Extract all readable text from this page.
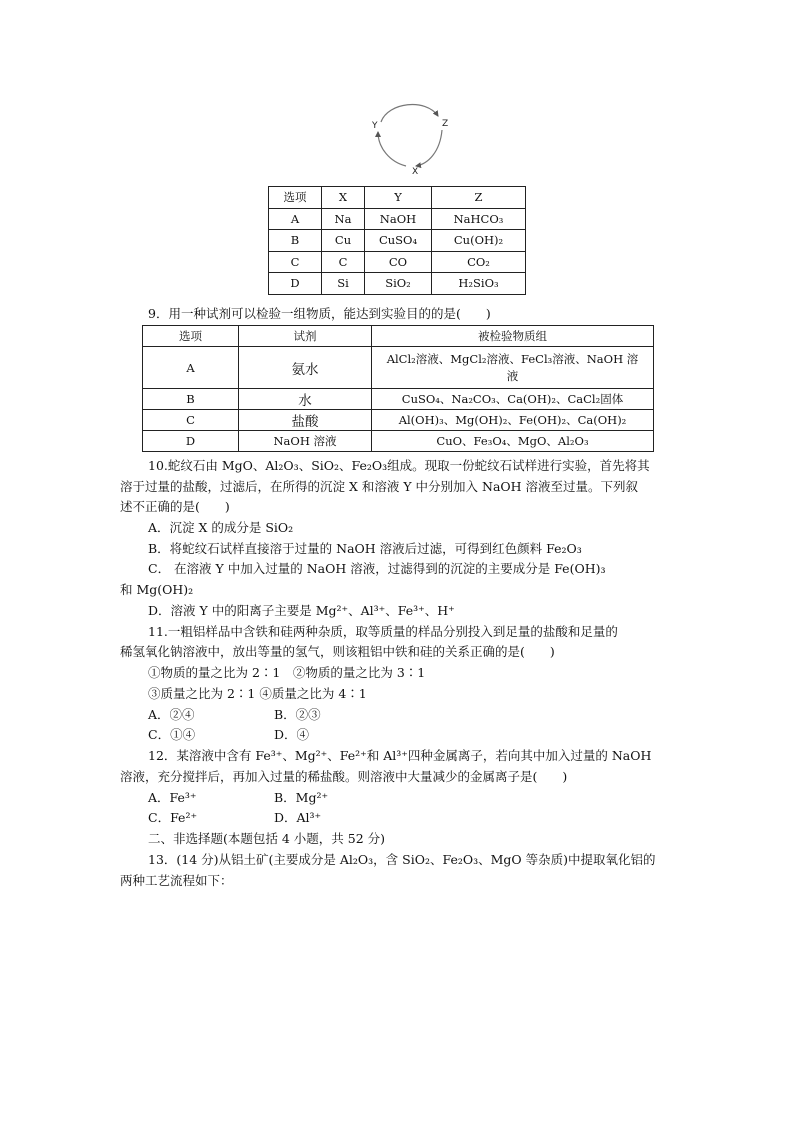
Y	Z
X
选项	X	Y	Z
A	Na	NaOH	NaHCO₃
B	Cu	CuSO₄	Cu(OH)₂
C	C	CO	CO₂
D	Si	SiO₂	H₂SiO₃
9．用一种试剂可以检验一组物质，能达到实验目的的是(　　)
选项	试剂	被检验物质组
A	氨水	AlCl₂溶液、MgCl₂溶液、FeCl₃溶液、NaOH 溶液
B	水	CuSO₄、Na₂CO₃、Ca(OH)₂、CaCl₂固体
C	盐酸	Al(OH)₃、Mg(OH)₂、Fe(OH)₂、Ca(OH)₂
D	NaOH 溶液	CuO、Fe₃O₄、MgO、Al₂O₃
10.蛇纹石由 MgO、Al₂O₃、SiO₂、Fe₂O₃组成。现取一份蛇纹石试样进行实验，首先将其
溶于过量的盐酸，过滤后，在所得的沉淀 X 和溶液 Y 中分别加入 NaOH 溶液至过量。下列叙
述不正确的是(　　)
A．沉淀 X 的成分是 SiO₂
B．将蛇纹石试样直接溶于过量的 NaOH 溶液后过滤，可得到红色颜料 Fe₂O₃
C． 在溶液 Y 中加入过量的 NaOH 溶液，过滤得到的沉淀的主要成分是 Fe(OH)₃
和 Mg(OH)₂
D．溶液 Y 中的阳离子主要是 Mg²⁺、Al³⁺、Fe³⁺、H⁺
11.一粗铝样品中含铁和硅两种杂质，取等质量的样品分别投入到足量的盐酸和足量的
稀氢氧化钠溶液中，放出等量的氢气，则该粗铝中铁和硅的关系正确的是(　　)
①物质的量之比为 2∶1　②物质的量之比为 3∶1
③质量之比为 2∶1 ④质量之比为 4∶1
A．②④	B．②③
C．①④	D．④
12．某溶液中含有 Fe³⁺、Mg²⁺、Fe²⁺和 Al³⁺四种金属离子，若向其中加入过量的 NaOH
溶液，充分搅拌后，再加入过量的稀盐酸。则溶液中大量减少的金属离子是(　　)
A．Fe³⁺	B．Mg²⁺
C．Fe²⁺	D．Al³⁺
二、非选择题(本题包括 4 小题，共 52 分)
13．(14 分)从铝土矿(主要成分是 Al₂O₃，含 SiO₂、Fe₂O₃、MgO 等杂质)中提取氧化铝的
两种工艺流程如下：
